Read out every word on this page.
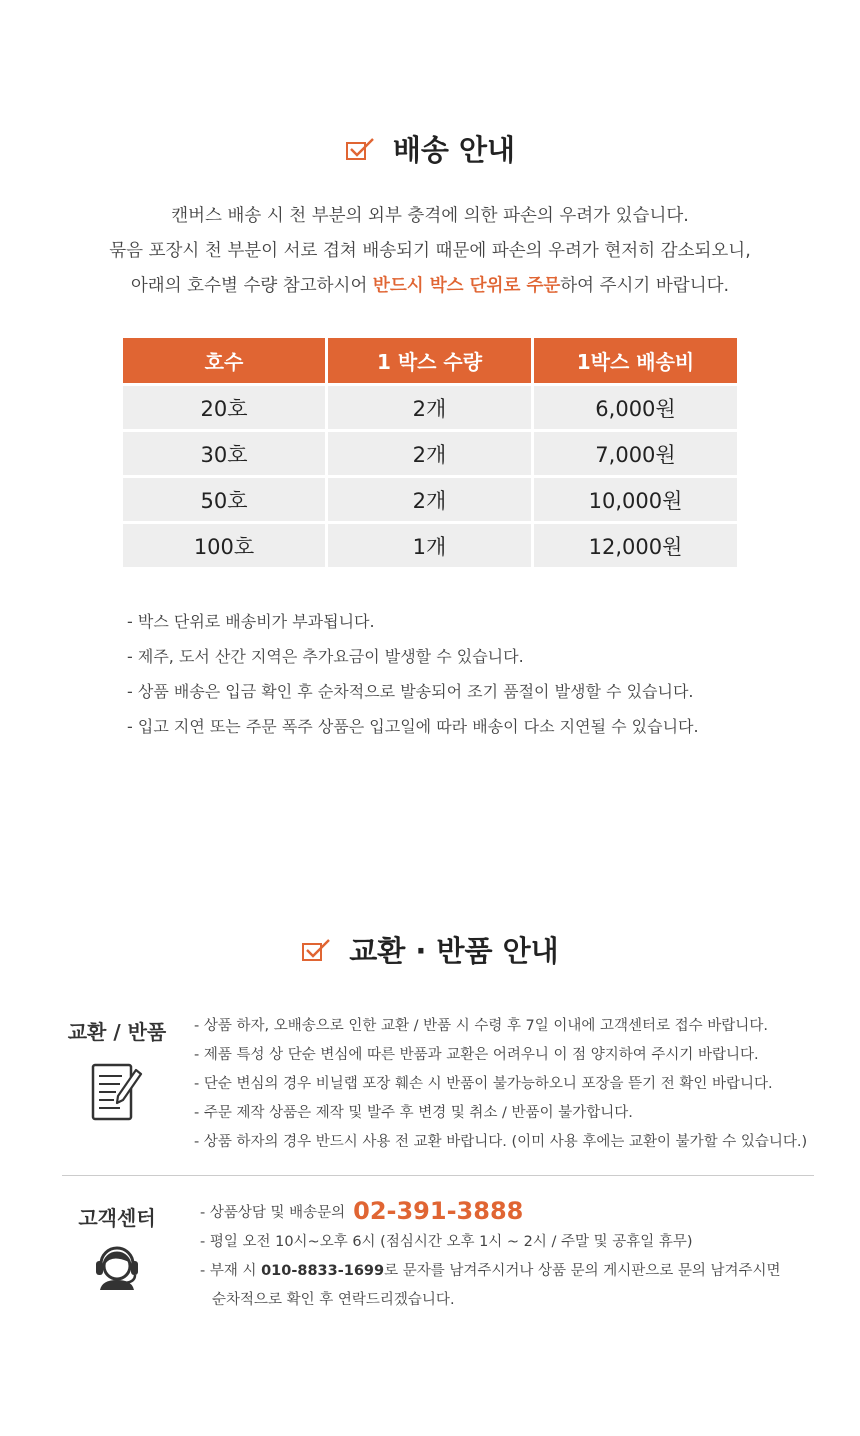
배송 안내
캔버스 배송 시 천 부분의 외부 충격에 의한 파손의 우려가 있습니다.
묶음 포장시 천 부분이 서로 겹쳐 배송되기 때문에 파손의 우려가 현저히 감소되오니,
아래의 호수별 수량 참고하시어 반드시 박스 단위로 주문하여 주시기 바랍니다.
호수	1 박스 수량	1박스 배송비
20호	2개	6,000원
30호	2개	7,000원
50호	2개	10,000원
100호	1개	12,000원
- 박스 단위로 배송비가 부과됩니다.
- 제주, 도서 산간 지역은 추가요금이 발생할 수 있습니다.
- 상품 배송은 입금 확인 후 순차적으로 발송되어 조기 품절이 발생할 수 있습니다.
- 입고 지연 또는 주문 폭주 상품은 입고일에 따라 배송이 다소 지연될 수 있습니다.
교환 · 반품 안내
교환 / 반품	- 상품 하자, 오배송으로 인한 교환 / 반품 시 수령 후 7일 이내에 고객센터로 접수 바랍니다.
- 제품 특성 상 단순 변심에 따른 반품과 교환은 어려우니 이 점 양지하여 주시기 바랍니다.
- 단순 변심의 경우 비닐랩 포장 훼손 시 반품이 불가능하오니 포장을 뜯기 전 확인 바랍니다.
- 주문 제작 상품은 제작 및 발주 후 변경 및 취소 / 반품이 불가합니다.
- 상품 하자의 경우 반드시 사용 전 교환 바랍니다. (이미 사용 후에는 교환이 불가할 수 있습니다.)
고객센터	- 상품상담 및 배송문의 02-391-3888
- 평일 오전 10시~오후 6시 (점심시간 오후 1시 ~ 2시 / 주말 및 공휴일 휴무)
- 부재 시 010-8833-1699로 문자를 남겨주시거나 상품 문의 게시판으로 문의 남겨주시면
순차적으로 확인 후 연락드리겠습니다.
